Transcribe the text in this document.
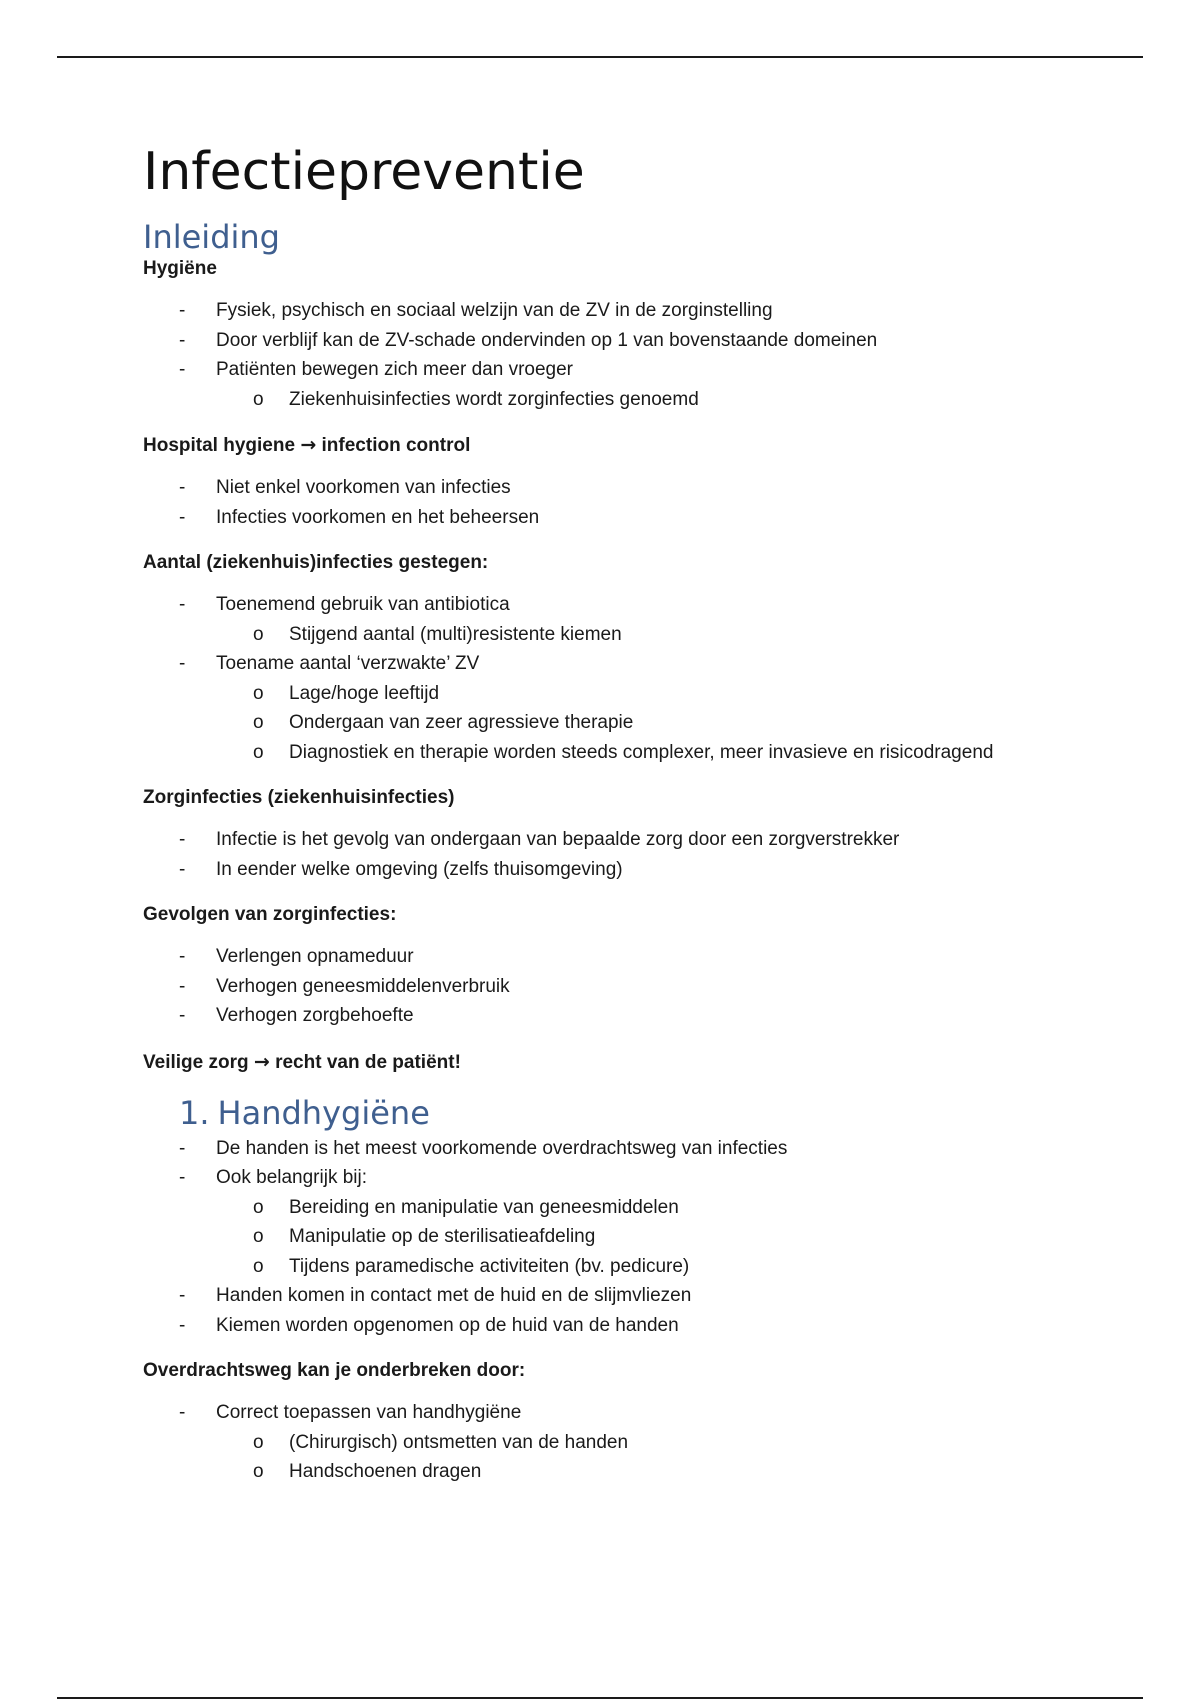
Infectiepreventie
Inleiding

Hygiëne

- Fysiek, psychisch en sociaal welzijn van de ZV in de zorginstelling
- Door verblijf kan de ZV-schade ondervinden op 1 van bovenstaande domeinen
- Patiënten bewegen zich meer dan vroeger
o Ziekenhuisinfecties wordt zorginfecties genoemd

Hospital hygiene → infection control

- Niet enkel voorkomen van infecties
- Infecties voorkomen en het beheersen

Aantal (ziekenhuis)infecties gestegen:

- Toenemend gebruik van antibiotica
o Stijgend aantal (multi)resistente kiemen
- Toename aantal ‘verzwakte’ ZV
o Lage/hoge leeftijd
o Ondergaan van zeer agressieve therapie
o Diagnostiek en therapie worden steeds complexer, meer invasieve en risicodragend

Zorginfecties (ziekenhuisinfecties)

- Infectie is het gevolg van ondergaan van bepaalde zorg door een zorgverstrekker
- In eender welke omgeving (zelfs thuisomgeving)

Gevolgen van zorginfecties:

- Verlengen opnameduur
- Verhogen geneesmiddelenverbruik
- Verhogen zorgbehoefte

Veilige zorg → recht van de patiënt!

1. Handhygiëne
- De handen is het meest voorkomende overdrachtsweg van infecties
- Ook belangrijk bij:
o Bereiding en manipulatie van geneesmiddelen
o Manipulatie op de sterilisatieafdeling
o Tijdens paramedische activiteiten (bv. pedicure)
- Handen komen in contact met de huid en de slijmvliezen
- Kiemen worden opgenomen op de huid van de handen

Overdrachtsweg kan je onderbreken door:

- Correct toepassen van handhygiëne
o (Chirurgisch) ontsmetten van de handen
o Handschoenen dragen
